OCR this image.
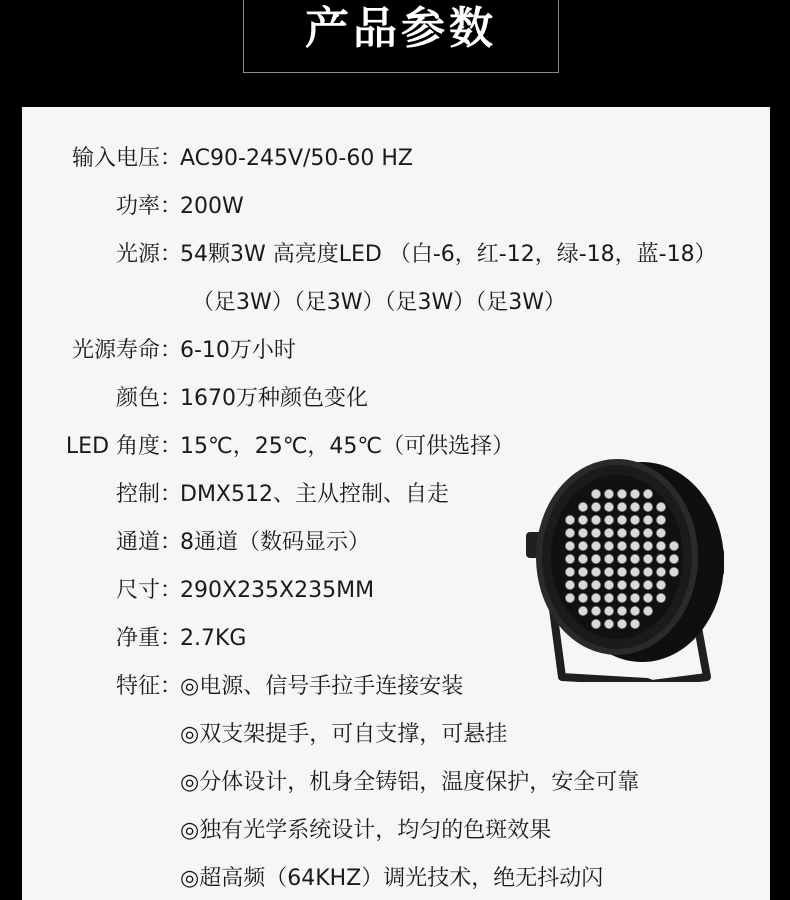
产品参数
输入电压：
AC90-245V/50-60 HZ
功率：
200W
光源：
54颗3W 高亮度LED （白-6，红-12，绿-18，蓝-18）
（足3W）（足3W）（足3W）（足3W）
光源寿命：
6-10万小时
颜色：
1670万种颜色变化
LED 角度：
15℃，25℃，45℃（可供选择）
控制：
DMX512、主从控制、自走
通道：
8通道（数码显示）
尺寸：
290X235X235MM
净重：
2.7KG
特征：
◎电源、信号手拉手连接安装
◎双支架提手，可自支撑，可悬挂
◎分体设计，机身全铸铝，温度保护，安全可靠
◎独有光学系统设计，均匀的色斑效果
◎超高频（64KHZ）调光技术，绝无抖动闪
